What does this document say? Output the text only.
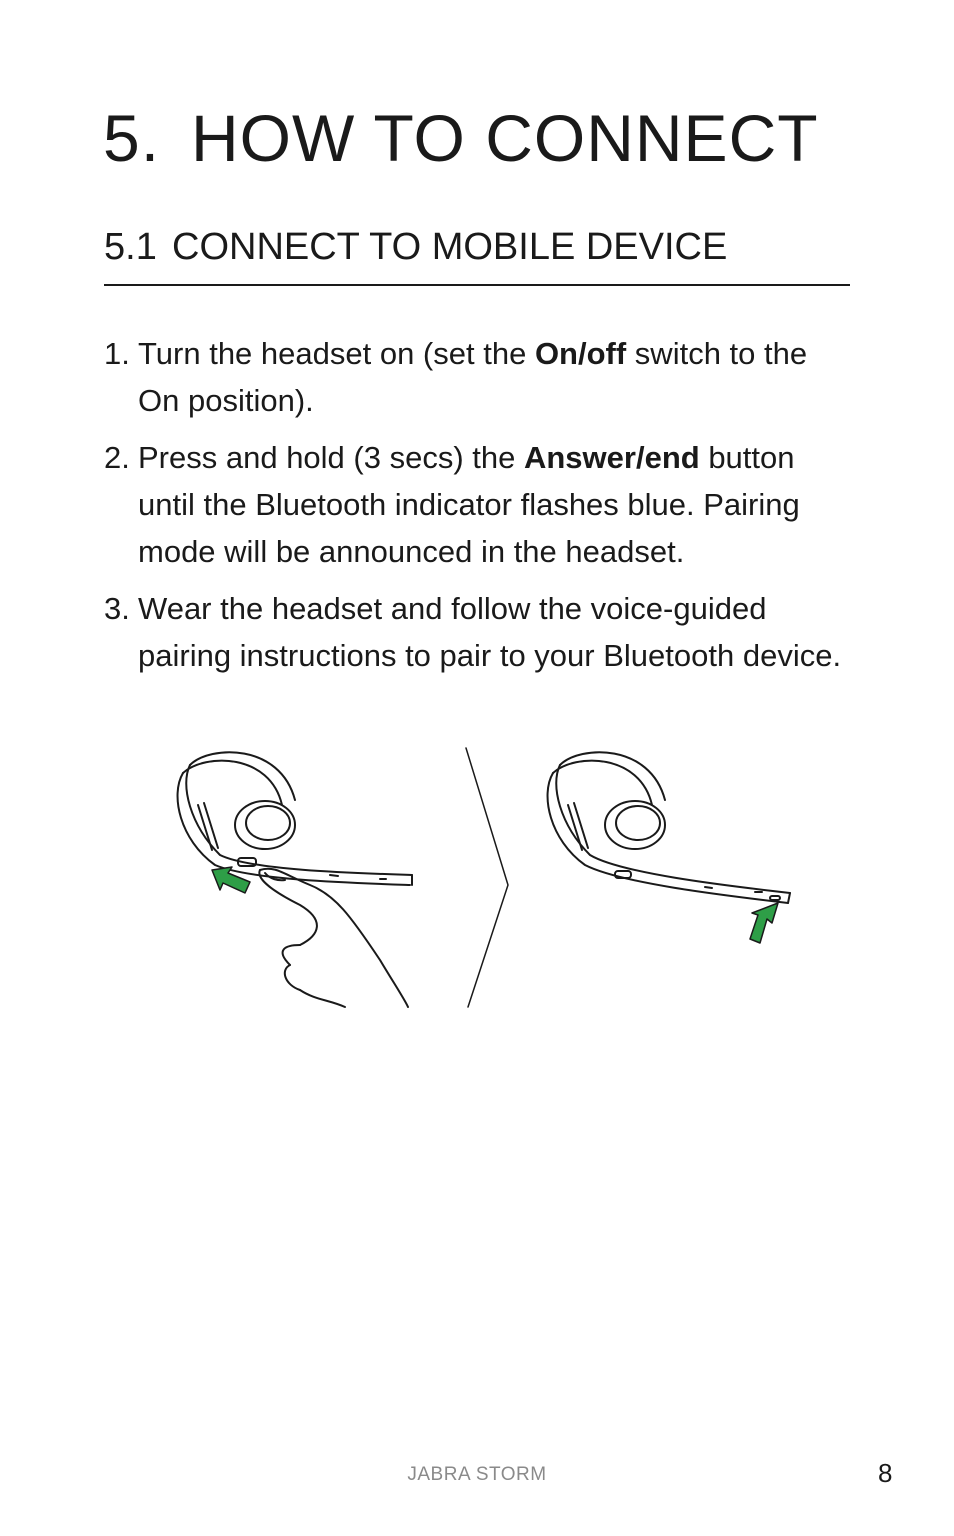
5. HOW TO CONNECT
5.1 CONNECT TO MOBILE DEVICE
1. Turn the headset on (set the On/off switch to the On position).
2. Press and hold (3 secs) the Answer/end button until the Bluetooth indicator flashes blue. Pairing mode will be announced in the headset.
3. Wear the headset and follow the voice-guided pairing instructions to pair to your Bluetooth device.
JABRA STORM	8
